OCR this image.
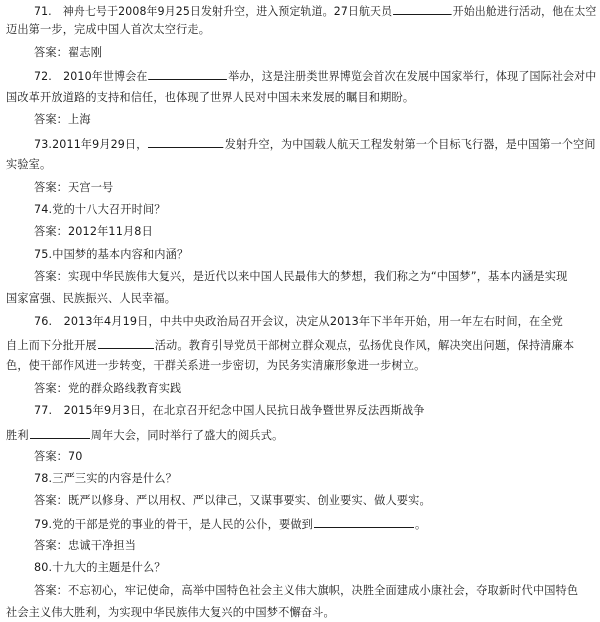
71.　神舟七号于2008年9月25日发射升空，进入预定轨道。27日航天员	开始出舱进行活动，他在太空
迈出第一步，完成中国人首次太空行走。
答案：翟志刚
72.　2010年世博会在	举办，这是注册类世界博览会首次在发展中国家举行，体现了国际社会对中
国改革开放道路的支持和信任，也体现了世界人民对中国未来发展的瞩目和期盼。
答案：上海
73.2011年9月29日，	发射升空，为中国载人航天工程发射第一个目标飞行器，是中国第一个空间
实验室。
答案：天宫一号
74.党的十八大召开时间？
答案：2012年11月8日
75.中国梦的基本内容和内涵？
答案：实现中华民族伟大复兴，是近代以来中国人民最伟大的梦想，我们称之为“中国梦”，基本内涵是实现
国家富强、民族振兴、人民幸福。
76.　2013年4月19日，中共中央政治局召开会议，决定从2013年下半年开始，用一年左右时间，在全党
自上而下分批开展	活动。教育引导党员干部树立群众观点，弘扬优良作风，解决突出问题，保持清廉本
色，使干部作风进一步转变，干群关系进一步密切，为民务实清廉形象进一步树立。
答案：党的群众路线教育实践
77.　2015年9月3日，在北京召开纪念中国人民抗日战争暨世界反法西斯战争
胜利	周年大会，同时举行了盛大的阅兵式。
答案：70
78.三严三实的内容是什么？
答案：既严以修身、严以用权、严以律己，又谋事要实、创业要实、做人要实。
79.党的干部是党的事业的骨干，是人民的公仆，要做到	。
答案：忠诚干净担当
80.十九大的主题是什么？
答案：不忘初心，牢记使命，高举中国特色社会主义伟大旗帜，决胜全面建成小康社会，夺取新时代中国特色
社会主义伟大胜利，为实现中华民族伟大复兴的中国梦不懈奋斗。
